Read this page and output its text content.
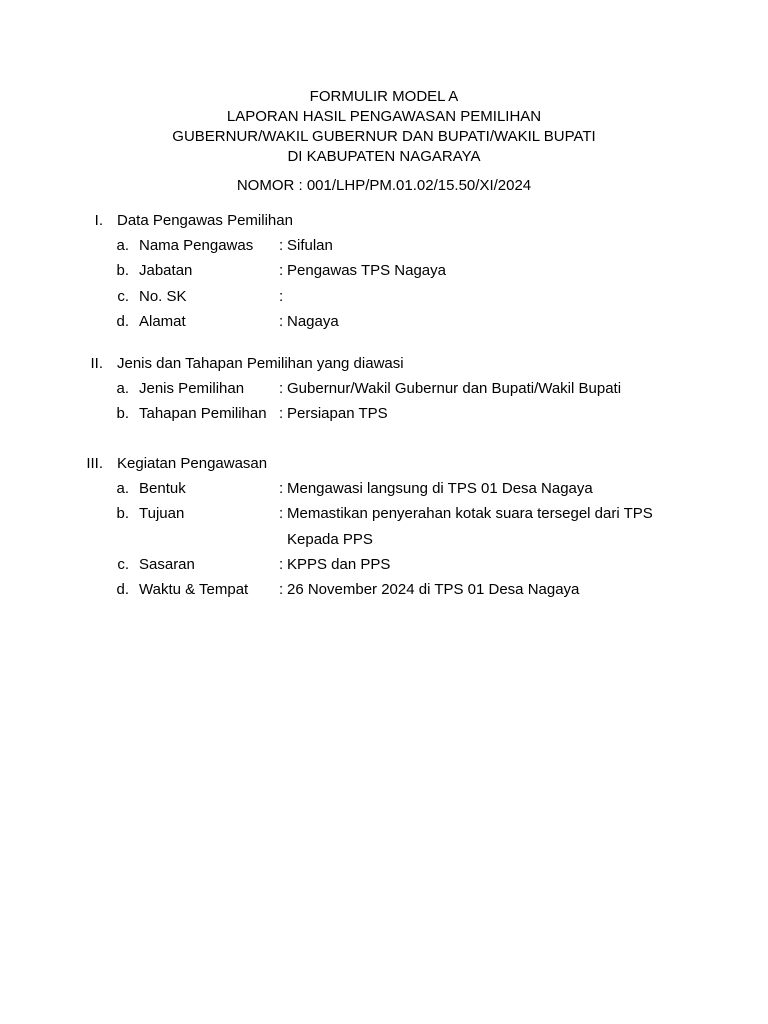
FORMULIR MODEL A
LAPORAN HASIL PENGAWASAN PEMILIHAN
GUBERNUR/WAKIL GUBERNUR DAN BUPATI/WAKIL BUPATI
DI KABUPATEN NAGARAYA
NOMOR : 001/LHP/PM.01.02/15.50/XI/2024
I. Data Pengawas Pemilihan
a. Nama Pengawas : Sifulan
b. Jabatan	: Pengawas TPS Nagaya
c. No. SK	:
d. Alamat	: Nagaya
II. Jenis dan Tahapan Pemilihan yang diawasi
a. Jenis Pemilihan : Gubernur/Wakil Gubernur dan Bupati/Wakil Bupati
b. Tahapan Pemilihan : Persiapan TPS
III. Kegiatan Pengawasan
a. Bentuk	: Mengawasi langsung di TPS 01 Desa Nagaya
b. Tujuan	: Memastikan penyerahan kotak suara tersegel dari TPS
Kepada PPS
c. Sasaran	: KPPS dan PPS
d. Waktu & Tempat : 26 November 2024 di TPS 01 Desa Nagaya
